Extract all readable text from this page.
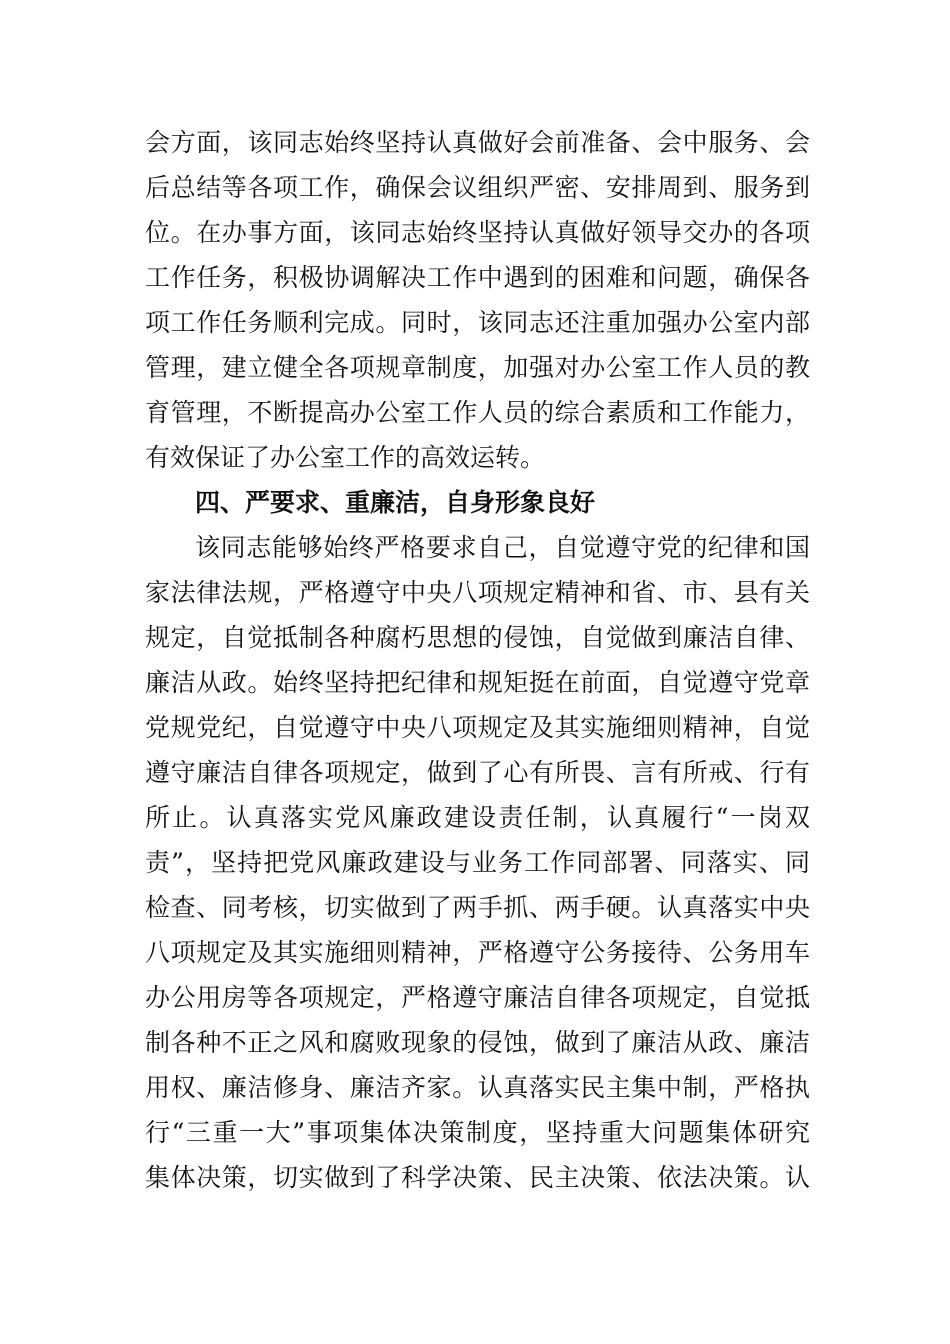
会方面，该同志始终坚持认真做好会前准备、会中服务、会
后总结等各项工作，确保会议组织严密、安排周到、服务到
位。在办事方面，该同志始终坚持认真做好领导交办的各项
工作任务，积极协调解决工作中遇到的困难和问题，确保各
项工作任务顺利完成。同时，该同志还注重加强办公室内部
管理，建立健全各项规章制度，加强对办公室工作人员的教
育管理，不断提高办公室工作人员的综合素质和工作能力，
有效保证了办公室工作的高效运转。
四、严要求、重廉洁，自身形象良好
该同志能够始终严格要求自己，自觉遵守党的纪律和国
家法律法规，严格遵守中央八项规定精神和省、市、县有关
规定，自觉抵制各种腐朽思想的侵蚀，自觉做到廉洁自律、
廉洁从政。始终坚持把纪律和规矩挺在前面，自觉遵守党章
党规党纪，自觉遵守中央八项规定及其实施细则精神，自觉
遵守廉洁自律各项规定，做到了心有所畏、言有所戒、行有
所止。认真落实党风廉政建设责任制，认真履行“一岗双
责”，坚持把党风廉政建设与业务工作同部署、同落实、同
检查、同考核，切实做到了两手抓、两手硬。认真落实中央
八项规定及其实施细则精神，严格遵守公务接待、公务用车
办公用房等各项规定，严格遵守廉洁自律各项规定，自觉抵
制各种不正之风和腐败现象的侵蚀，做到了廉洁从政、廉洁
用权、廉洁修身、廉洁齐家。认真落实民主集中制，严格执
行“三重一大”事项集体决策制度，坚持重大问题集体研究
集体决策，切实做到了科学决策、民主决策、依法决策。认
